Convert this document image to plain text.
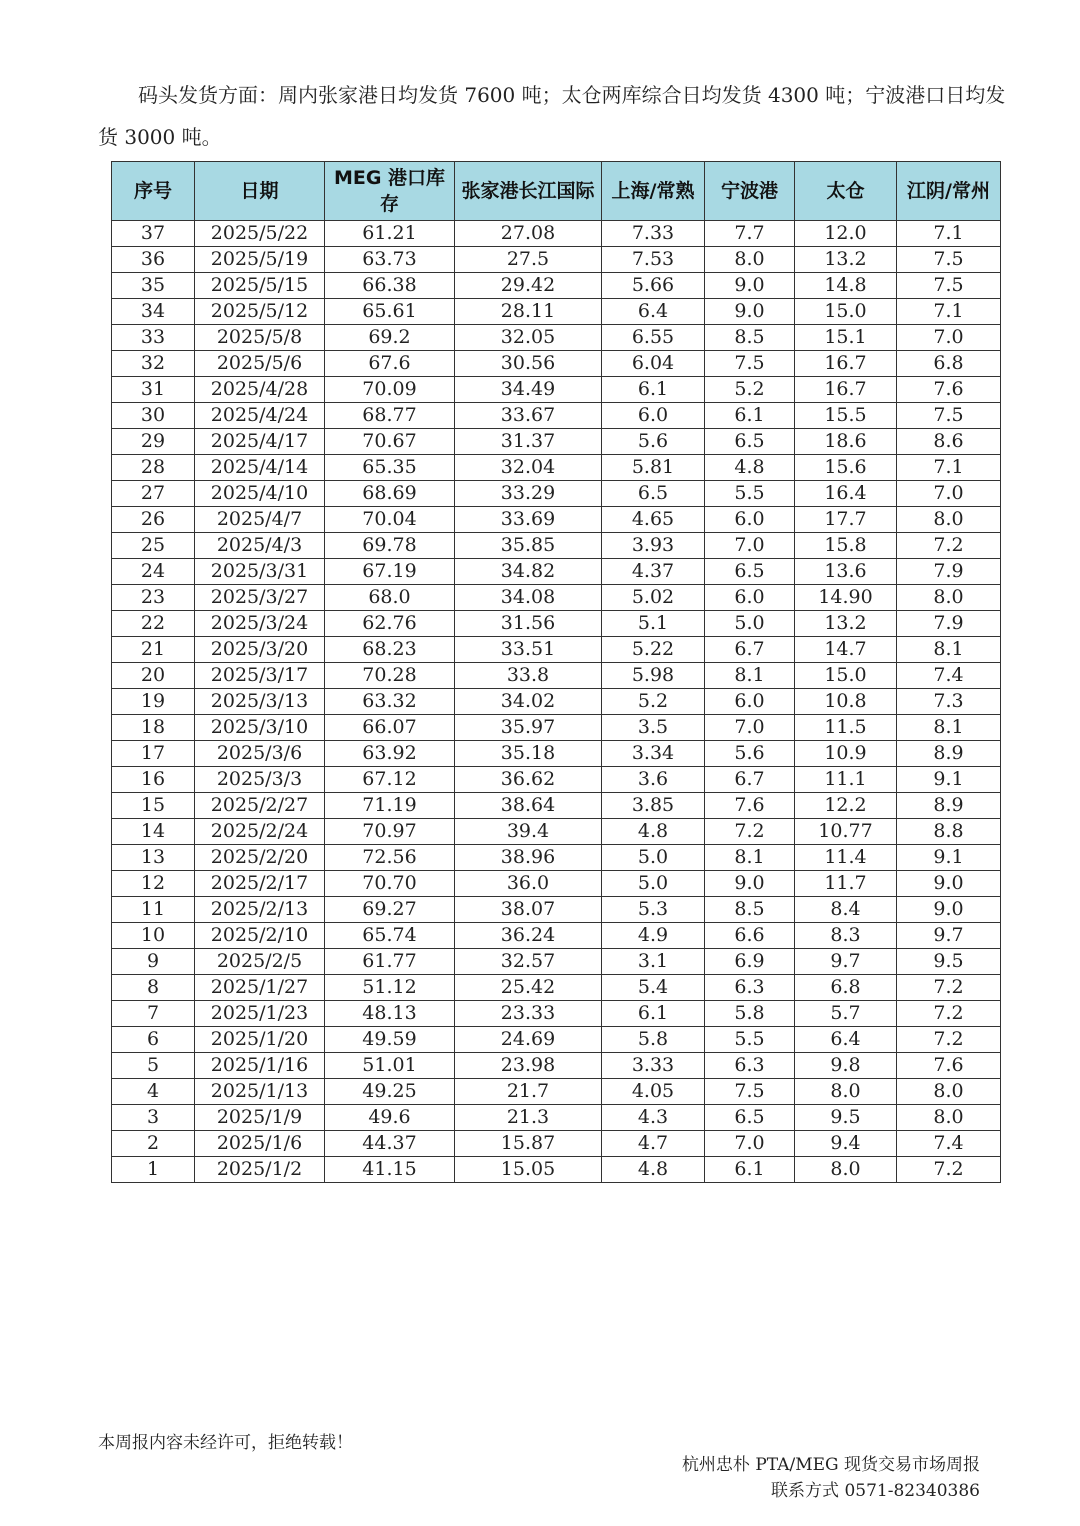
码头发货方面：周内张家港日均发货 7600 吨；太仓两库综合日均发货 4300 吨；宁波港口日均发货 3000 吨。

序号	日期	MEG 港口库存	张家港长江国际	上海/常熟	宁波港	太仓	江阴/常州
37	2025/5/22	61.21	27.08	7.33	7.7	12.0	7.1
36	2025/5/19	63.73	27.5	7.53	8.0	13.2	7.5
35	2025/5/15	66.38	29.42	5.66	9.0	14.8	7.5
34	2025/5/12	65.61	28.11	6.4	9.0	15.0	7.1
33	2025/5/8	69.2	32.05	6.55	8.5	15.1	7.0
32	2025/5/6	67.6	30.56	6.04	7.5	16.7	6.8
31	2025/4/28	70.09	34.49	6.1	5.2	16.7	7.6
30	2025/4/24	68.77	33.67	6.0	6.1	15.5	7.5
29	2025/4/17	70.67	31.37	5.6	6.5	18.6	8.6
28	2025/4/14	65.35	32.04	5.81	4.8	15.6	7.1
27	2025/4/10	68.69	33.29	6.5	5.5	16.4	7.0
26	2025/4/7	70.04	33.69	4.65	6.0	17.7	8.0
25	2025/4/3	69.78	35.85	3.93	7.0	15.8	7.2
24	2025/3/31	67.19	34.82	4.37	6.5	13.6	7.9
23	2025/3/27	68.0	34.08	5.02	6.0	14.90	8.0
22	2025/3/24	62.76	31.56	5.1	5.0	13.2	7.9
21	2025/3/20	68.23	33.51	5.22	6.7	14.7	8.1
20	2025/3/17	70.28	33.8	5.98	8.1	15.0	7.4
19	2025/3/13	63.32	34.02	5.2	6.0	10.8	7.3
18	2025/3/10	66.07	35.97	3.5	7.0	11.5	8.1
17	2025/3/6	63.92	35.18	3.34	5.6	10.9	8.9
16	2025/3/3	67.12	36.62	3.6	6.7	11.1	9.1
15	2025/2/27	71.19	38.64	3.85	7.6	12.2	8.9
14	2025/2/24	70.97	39.4	4.8	7.2	10.77	8.8
13	2025/2/20	72.56	38.96	5.0	8.1	11.4	9.1
12	2025/2/17	70.70	36.0	5.0	9.0	11.7	9.0
11	2025/2/13	69.27	38.07	5.3	8.5	8.4	9.0
10	2025/2/10	65.74	36.24	4.9	6.6	8.3	9.7
9	2025/2/5	61.77	32.57	3.1	6.9	9.7	9.5
8	2025/1/27	51.12	25.42	5.4	6.3	6.8	7.2
7	2025/1/23	48.13	23.33	6.1	5.8	5.7	7.2
6	2025/1/20	49.59	24.69	5.8	5.5	6.4	7.2
5	2025/1/16	51.01	23.98	3.33	6.3	9.8	7.6
4	2025/1/13	49.25	21.7	4.05	7.5	8.0	8.0
3	2025/1/9	49.6	21.3	4.3	6.5	9.5	8.0
2	2025/1/6	44.37	15.87	4.7	7.0	9.4	7.4
1	2025/1/2	41.15	15.05	4.8	6.1	8.0	7.2

本周报内容未经许可，拒绝转载！

杭州忠朴 PTA/MEG 现货交易市场周报
联系方式 0571-82340386
